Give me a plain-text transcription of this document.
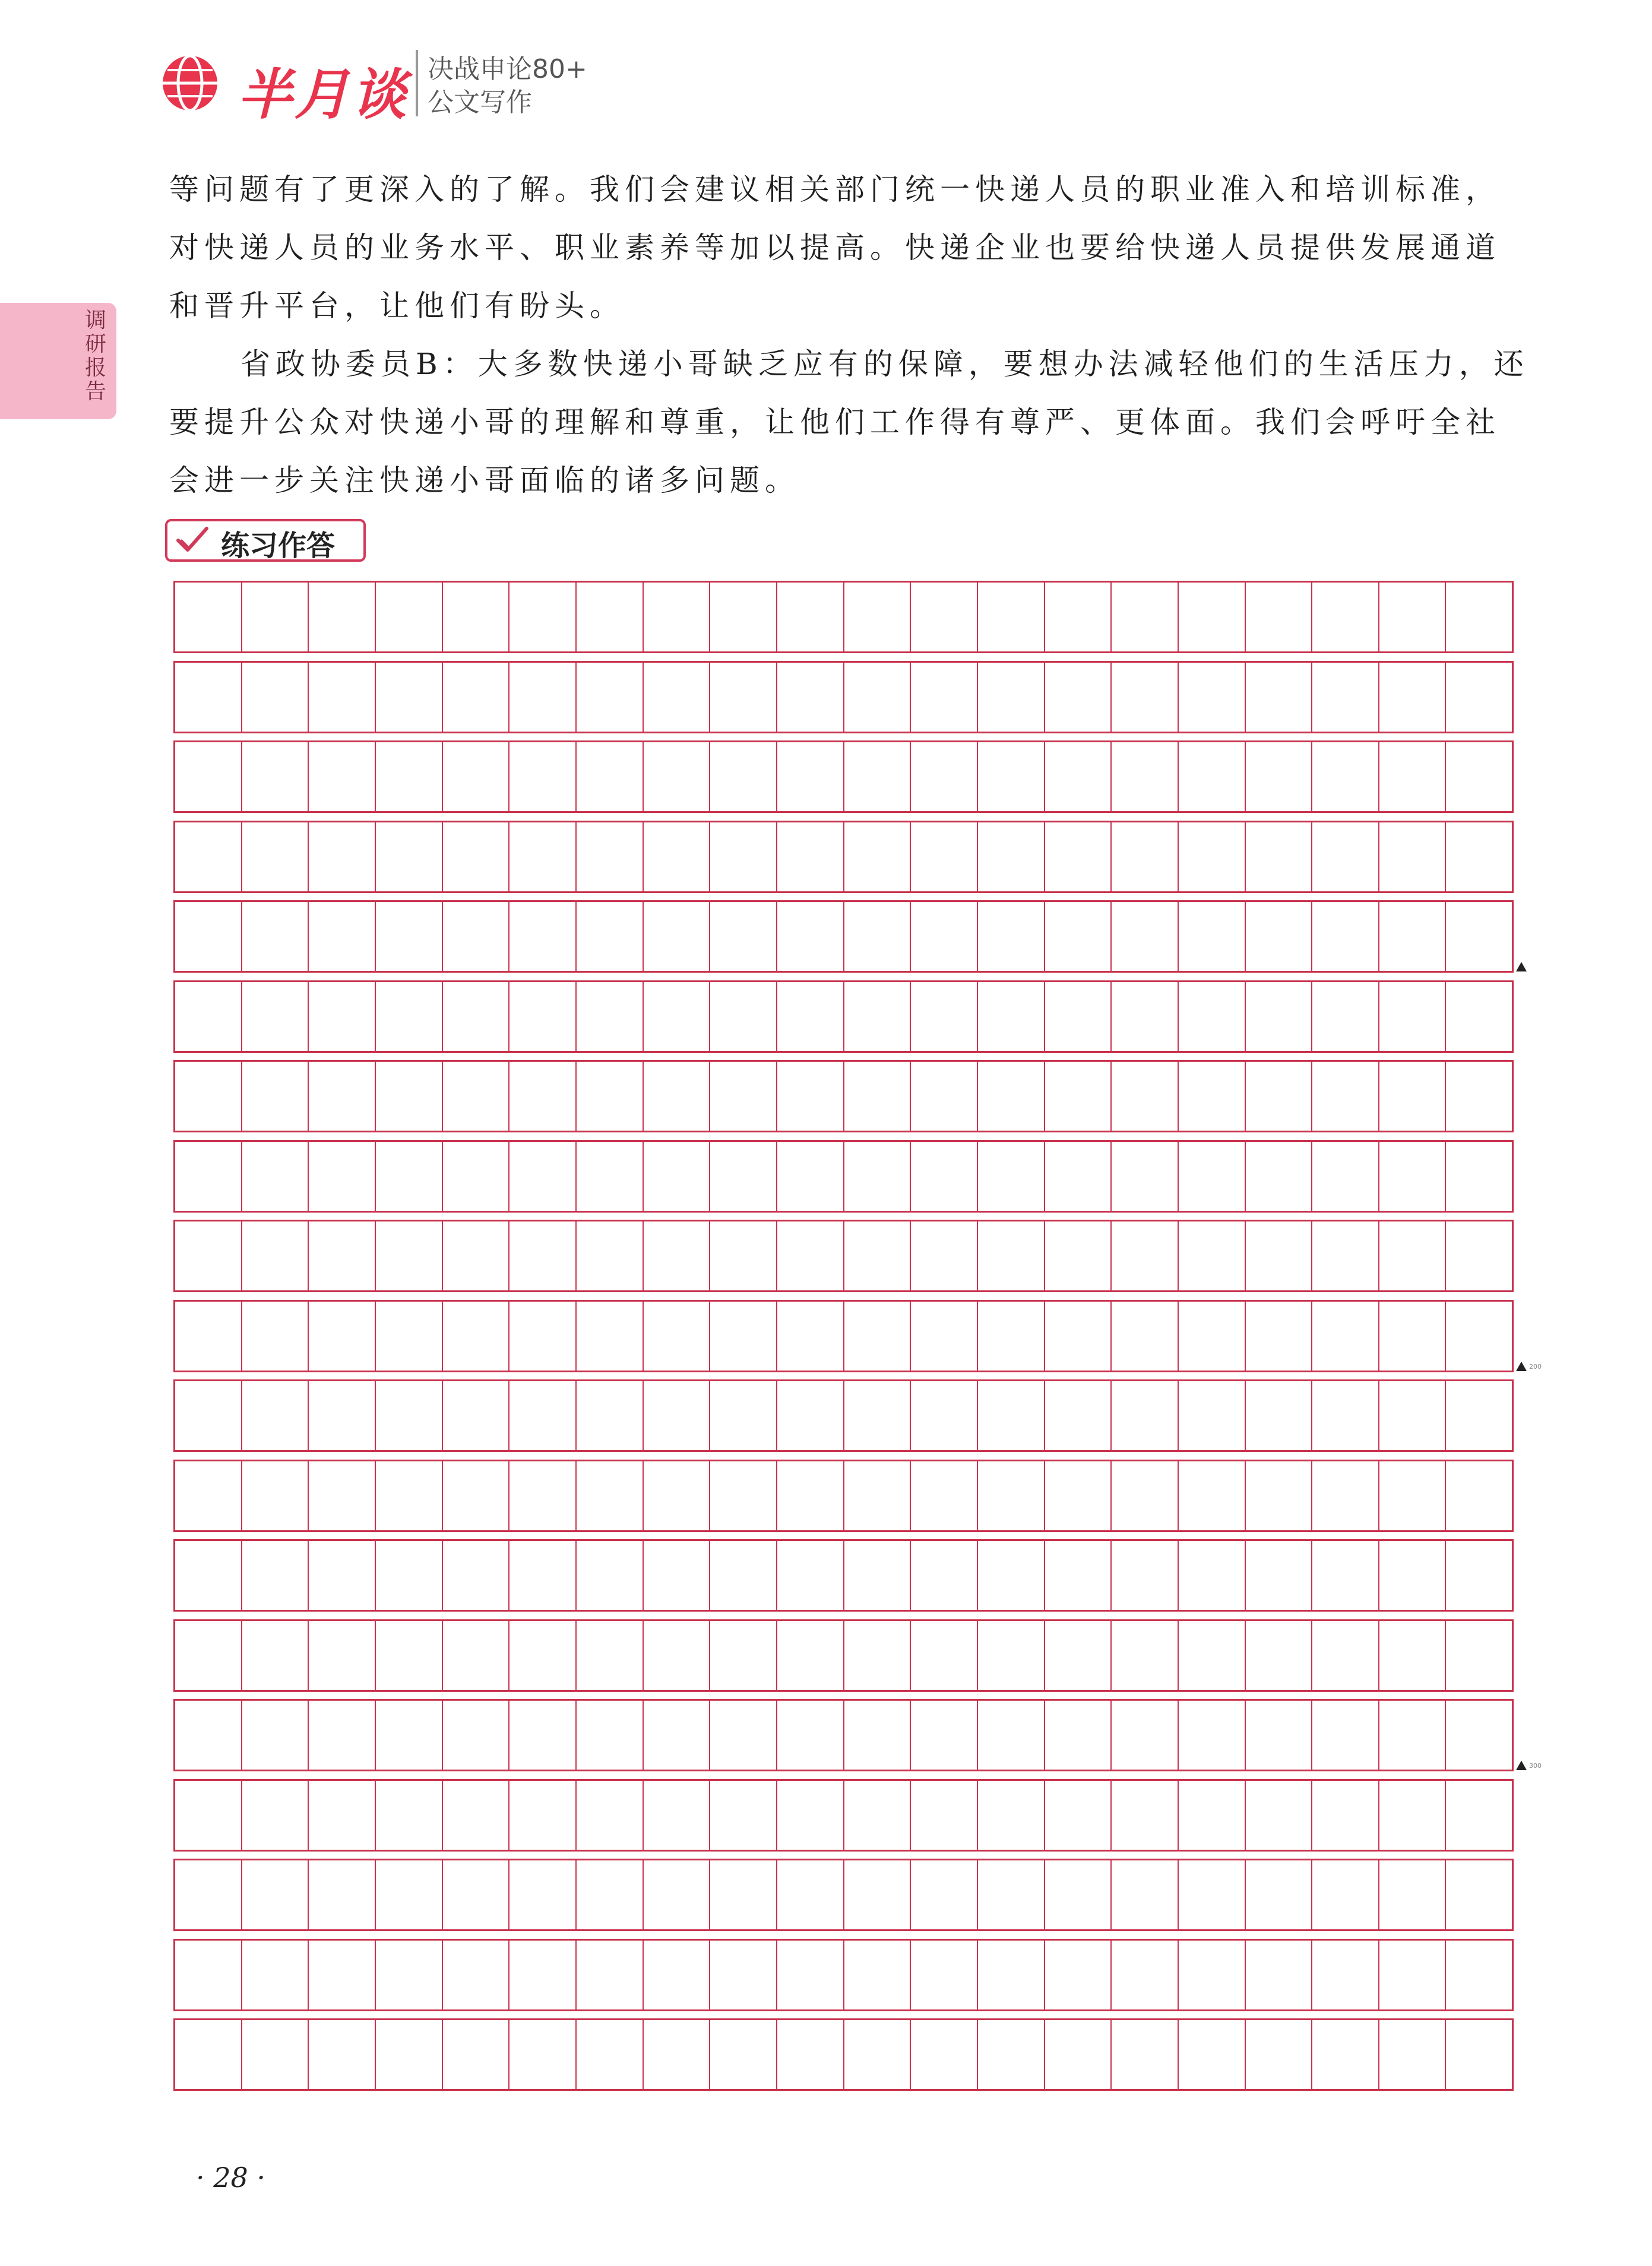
半月谈 决战申论80+
公文写作
调研报告

等问题有了更深入的了解。我们会建议相关部门统一快递人员的职业准入和培训标准，对快递人员的业务水平、职业素养等加以提高。快递企业也要给快递人员提供发展通道和晋升平台，让他们有盼头。

省政协委员B：大多数快递小哥缺乏应有的保障，要想办法减轻他们的生活压力，还要提升公众对快递小哥的理解和尊重，让他们工作得有尊严、更体面。我们会呼吁全社会进一步关注快递小哥面临的诸多问题。

练习作答
· 28 ·
200
300
